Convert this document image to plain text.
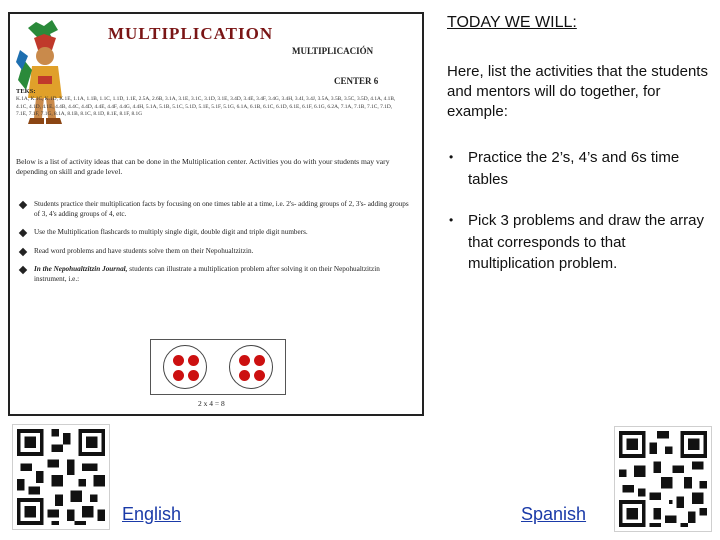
MULTIPLICATION
MULTIPLICACIÓN
CENTER 6
TEKS:
K.1A, K.1C, K.1D, K.1E, 1.1A, 1.1B, 1.1C, 1.1D, 1.1E, 2.5A, 2.6B, 3.1A, 3.1E, 3.1C, 3.1D, 3.1E, 3.4D, 3.4E, 3.4F, 3.4G, 3.4H, 3.4I, 3.4J, 3.5A, 3.5B, 3.5C, 3.5D, 4.1A, 4.1B, 4.1C, 4.1D, 4.1E, 4.4B, 4.4C, 4.4D, 4.4E, 4.4F, 4.4G, 4.4H, 5.1A, 5.1B, 5.1C, 5.1D, 5.1E, 5.1F, 5.1G, 6.1A, 6.1B, 6.1C, 6.1D, 6.1E, 6.1F, 6.1G, 6.2A, 7.1A, 7.1B, 7.1C, 7.1D, 7.1E, 7.1F, 7.1G, 8.1A, 8.1B, 8.1C, 8.1D, 8.1E, 8.1F, 8.1G
Below is a list of activity ideas that can be done in the Multiplication center. Activities you do with your students may vary depending on skill and grade level.
Students practice their multiplication facts by focusing on one times table at a time, i.e. 2's- adding groups of 2, 3's- adding groups of 3, 4's adding groups of 4, etc.
Use the Multiplication flashcards to multiply single digit, double digit and triple digit numbers.
Read word problems and have students solve them on their Nepohualtzitzin.
In the Nepohualtzitzin Journal, students can illustrate a multiplication problem after solving it on their Nepohualtzitzin instrument, i.e.:
2 x 4 = 8
TODAY WE WILL:
Here, list the activities that the students and mentors will do together, for example:
• Practice the 2’s, 4’s and 6s time tables
• Pick 3 problems and draw the array that corresponds to that multiplication problem.
English	Spanish
